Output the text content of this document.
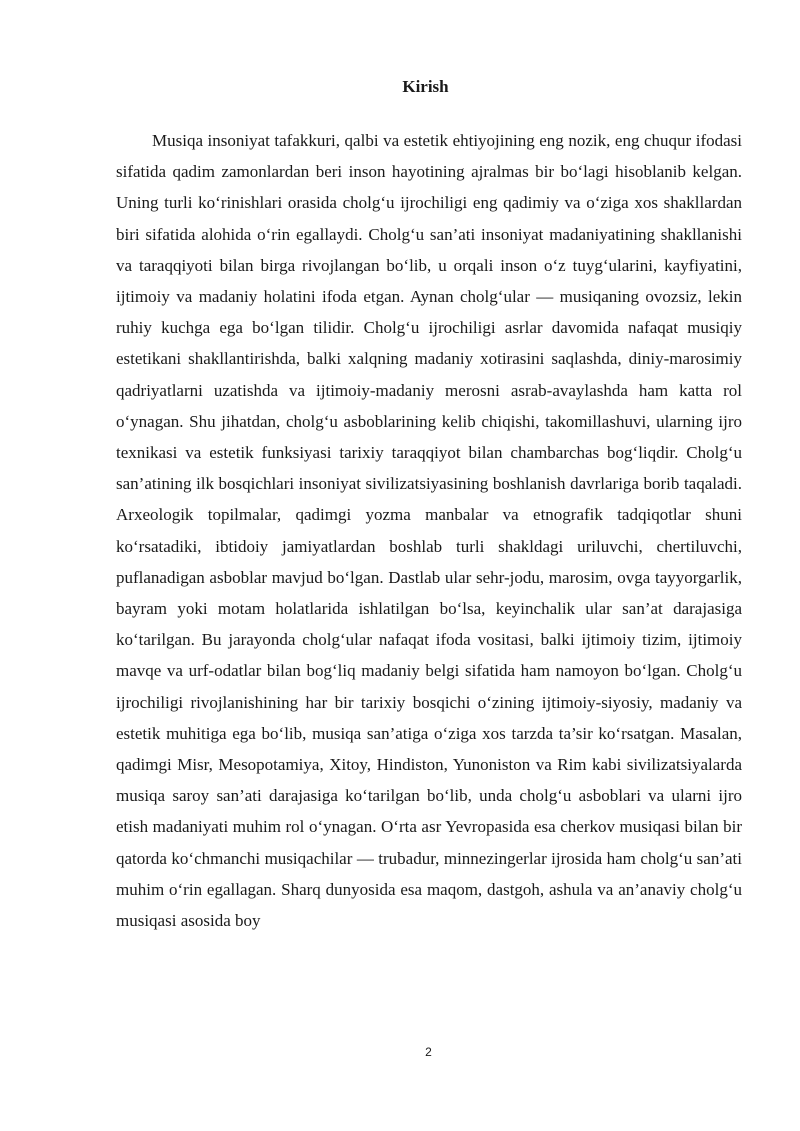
Kirish

Musiqa insoniyat tafakkuri, qalbi va estetik ehtiyojining eng nozik, eng chuqur ifodasi sifatida qadim zamonlardan beri inson hayotining ajralmas bir bo‘lagi hisoblanib kelgan. Uning turli ko‘rinishlari orasida cholg‘u ijrochiligi eng qadimiy va o‘ziga xos shakllardan biri sifatida alohida o‘rin egallaydi. Cholg‘u san’ati insoniyat madaniyatining shakllanishi va taraqqiyoti bilan birga rivojlangan bo‘lib, u orqali inson o‘z tuyg‘ularini, kayfiyatini, ijtimoiy va madaniy holatini ifoda etgan. Aynan cholg‘ular — musiqaning ovozsiz, lekin ruhiy kuchga ega bo‘lgan tilidir. Cholg‘u ijrochiligi asrlar davomida nafaqat musiqiy estetikani shakllantirishda, balki xalqning madaniy xotirasini saqlashda, diniy-marosimiy qadriyatlarni uzatishda va ijtimoiy-madaniy merosni asrab-avaylashda ham katta rol o‘ynagan. Shu jihatdan, cholg‘u asboblarining kelib chiqishi, takomillashuvi, ularning ijro texnikasi va estetik funksiyasi tarixiy taraqqiyot bilan chambarchas bog‘liqdir. Cholg‘u san’atining ilk bosqichlari insoniyat sivilizatsiyasining boshlanish davrlariga borib taqaladi. Arxeologik topilmalar, qadimgi yozma manbalar va etnografik tadqiqotlar shuni ko‘rsatadiki, ibtidoiy jamiyatlardan boshlab turli shakldagi uriluvchi, chertiluvchi, puflanadigan asboblar mavjud bo‘lgan. Dastlab ular sehr-jodu, marosim, ovga tayyorgarlik, bayram yoki motam holatlarida ishlatilgan bo‘lsa, keyinchalik ular san’at darajasiga ko‘tarilgan. Bu jarayonda cholg‘ular nafaqat ifoda vositasi, balki ijtimoiy tizim, ijtimoiy mavqe va urf-odatlar bilan bog‘liq madaniy belgi sifatida ham namoyon bo‘lgan. Cholg‘u ijrochiligi rivojlanishining har bir tarixiy bosqichi o‘zining ijtimoiy-siyosiy, madaniy va estetik muhitiga ega bo‘lib, musiqa san’atiga o‘ziga xos tarzda ta’sir ko‘rsatgan. Masalan, qadimgi Misr, Mesopotamiya, Xitoy, Hindiston, Yunoniston va Rim kabi sivilizatsiyalarda musiqa saroy san’ati darajasiga ko‘tarilgan bo‘lib, unda cholg‘u asboblari va ularni ijro etish madaniyati muhim rol o‘ynagan. O‘rta asr Yevropasida esa cherkov musiqasi bilan bir qatorda ko‘chmanchi musiqachilar — trubadur, minnezingerlar ijrosida ham cholg‘u san’ati muhim o‘rin egallagan. Sharq dunyosida esa maqom, dastgoh, ashula va an’anaviy cholg‘u musiqasi asosida boy

2
